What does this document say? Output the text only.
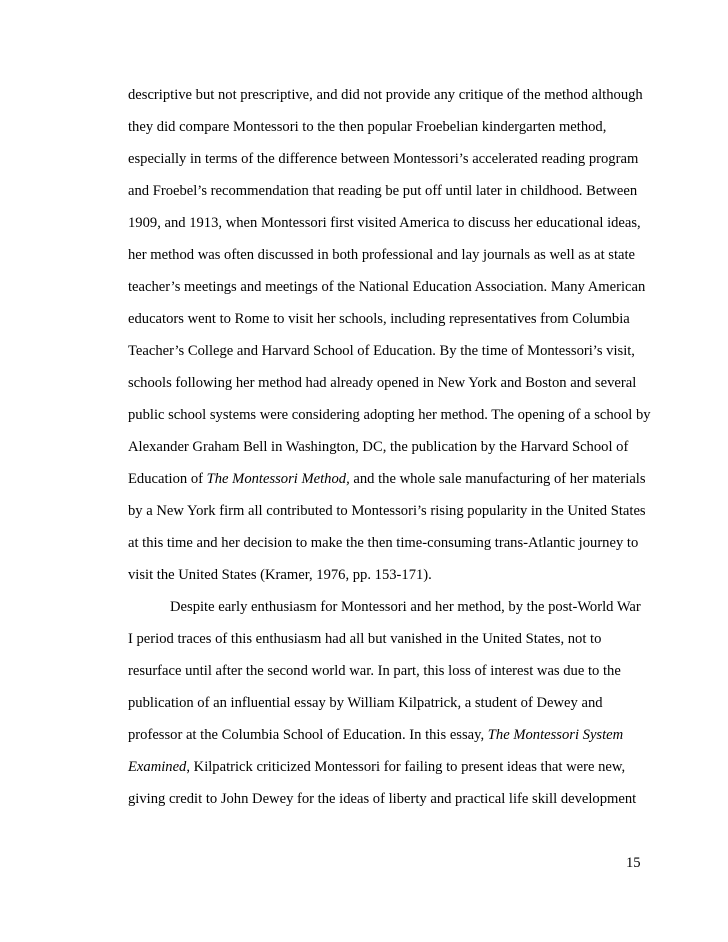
descriptive but not prescriptive, and did not provide any critique of the method although
they did compare Montessori to the then popular Froebelian kindergarten method,
especially in terms of the difference between Montessori’s accelerated reading program
and Froebel’s recommendation that reading be put off until later in childhood. Between
1909, and 1913, when Montessori first visited America to discuss her educational ideas,
her method was often discussed in both professional and lay journals as well as at state
teacher’s meetings and meetings of the National Education Association. Many American
educators went to Rome to visit her schools, including representatives from Columbia
Teacher’s College and Harvard School of Education. By the time of Montessori’s visit,
schools following her method had already opened in New York and Boston and several
public school systems were considering adopting her method. The opening of a school by
Alexander Graham Bell in Washington, DC, the publication by the Harvard School of
Education of The Montessori Method, and the whole sale manufacturing of her materials
by a New York firm all contributed to Montessori’s rising popularity in the United States
at this time and her decision to make the then time-consuming trans-Atlantic journey to
visit the United States (Kramer, 1976, pp. 153-171).
Despite early enthusiasm for Montessori and her method, by the post-World War
I period traces of this enthusiasm had all but vanished in the United States, not to
resurface until after the second world war. In part, this loss of interest was due to the
publication of an influential essay by William Kilpatrick, a student of Dewey and
professor at the Columbia School of Education. In this essay, The Montessori System
Examined, Kilpatrick criticized Montessori for failing to present ideas that were new,
giving credit to John Dewey for the ideas of liberty and practical life skill development
15
